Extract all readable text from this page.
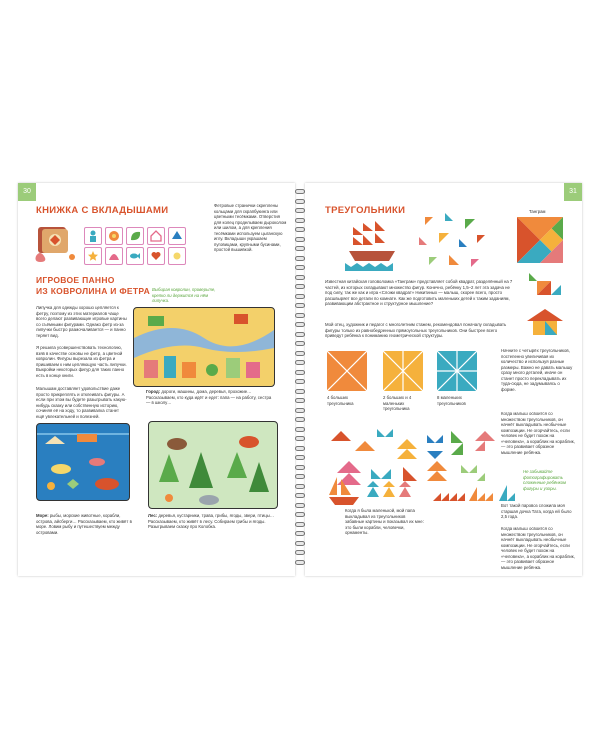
30
КНИЖКА С ВКЛАДЫШАМИ	Фетровые странички скреплены кольцами для скрапбукинга или цветными тесёмками. Отверстия для колец проделываем дыроколом или шилом, а для крепления тесёмками используем цыганскую иглу. Вкладыши украшаем пуговицами, крупными бусинами, простой вышивкой.
ИГРОВОЕ ПАННО
ИЗ КОВРОЛИНА И ФЕТРА Выбирая ковролин, проверьте, крепко ли держится на нём липучка.
Липучка для одежды хорошо цепляется к фетру, поэтому из этих материалов чаще всего делают развивающие игровые картины со съёмными фигурами. Однако фетр из-за липучки быстро размочаливается — и панно теряет вид.
Я решила усовершенствовать технологию, взяв в качестве основы не фетр, а цветной ковролин. Фигуры вырезала из фетра и пришиваем к ним цепляющую часть липучки. Выкройки некоторых фигур для таких панно есть в конце книги.
Малышам доставляет удовольствие даже просто прикреплять и отклеивать фигуры. А если при этом вы будете разыгрывать какую-нибудь сказку или собственную историю, сочиняя её на ходу, то развивалка станет ещё увлекательней и полезней.
Город: дороги, машины, дома, деревья, прохожие… Рассказываем, кто куда идёт и едет: папа — на работу, сестра — в школу…
Море: рыбы, морские животные, корабли, острова, айсберги… Рассказываем, кто живёт в море. Ловим рыбу и путешествуем между островами.
Лес: деревья, кустарники, трава, грибы, ягоды, звери, птицы… Рассказываем, кто живёт в лесу. Собираем грибы и ягоды. Разыгрываем сказку про Колобка.
31
ТРЕУГОЛЬНИКИ	Танграм
Известная китайская головоломка «Танграм» представляет собой квадрат, разделённый на 7 частей, из которых складывают множество фигур. Конечно, ребёнку 1,5–2 лет эта задача не под силу, так же как и игра «Сложи квадрат» Никитиных — малыш, скорее всего, просто расшвыряет все детали по комнате. Как же подготовить маленьких детей к таким заданиям, развивающим абстрактное и структурное мышление?
Мой отец, художник и педагог с многолетним стажем, рекомендовал поначалу складывать фигуры только из равнобедренных прямоугольных треугольников. Они быстрее всего приведут ребёнка к пониманию геометрической структуры.
4 больших треугольника
2 больших и 4 маленьких треугольника
8 маленьких треугольников
Начните с четырёх треугольников, постепенно увеличивая их количество и используя разные размеры. Важно не давать малышу сразу много деталей, иначе он станет просто перекладывать их туда-сюда, не задумываясь о форме.
Когда малыш освоится со множеством треугольников, он начнёт выкладывать необычные композиции. Не огорчайтесь, если человек не будет похож на «человека», а кораблик на кораблик, — это развивает образное мышление ребёнка.
Не забывайте фотографировать сложенные ребёнком фигуры и узоры.
Когда я была маленькой, мой папа выкладывал из треугольников забавные картины и показывал их мне: это были корабли, человечки, орнаменты.
Вот такой паровоз сложила моя старшая дочка Тата, когда ей было 2,5 года.
Когда малыш освоится со множеством треугольников, он начнёт выкладывать необычные композиции. Не огорчайтесь, если человек не будет похож на «человека», а кораблик на кораблик, — это развивает образное мышление ребёнка.
